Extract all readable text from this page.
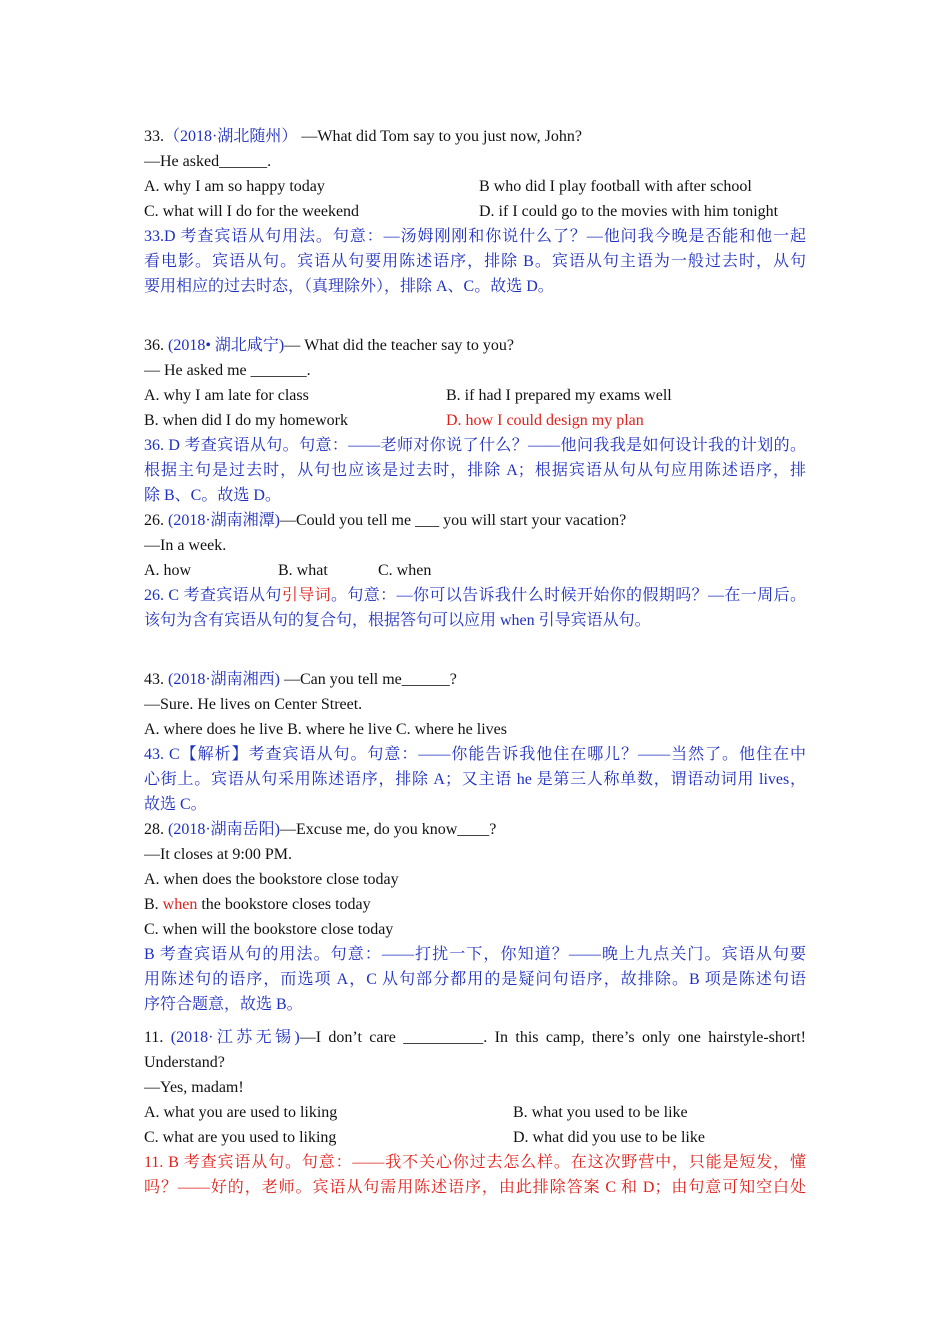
33.（2018·湖北随州） —What did Tom say to you just now, John?
—He asked______.
A. why I am so happy today	B who did I play football with after school
C. what will I do for the weekend	D. if I could go to the movies with him tonight
33.D 考查宾语从句用法。句意：—汤姆刚刚和你说什么了？—他问我今晚是否能和他一起
看电影。宾语从句。宾语从句要用陈述语序，排除 B。宾语从句主语为一般过去时，从句
要用相应的过去时态，（真理除外），排除 A、C。故选 D。
36. (2018• 湖北咸宁)— What did the teacher say to you?
— He asked me _______.
A. why I am late for class	B. if had I prepared my exams well
B. when did I do my homework	D. how I could design my plan
36. D 考查宾语从句。句意：——老师对你说了什么？——他问我我是如何设计我的计划的。
根据主句是过去时，从句也应该是过去时，排除 A；根据宾语从句从句应用陈述语序，排
除 B、C。故选 D。
26. (2018·湖南湘潭)—Could you tell me ___ you will start your vacation?
—In a week.
A. how	B. what	C. when
26. C 考查宾语从句引导词。句意：—你可以告诉我什么时候开始你的假期吗？—在一周后。
该句为含有宾语从句的复合句，根据答句可以应用 when 引导宾语从句。
43. (2018·湖南湘西) —Can you tell me______?
—Sure. He lives on Center Street.
A. where does he live B. where he live C. where he lives
43. C【解析】考查宾语从句。句意：——你能告诉我他住在哪儿？——当然了。他住在中
心街上。宾语从句采用陈述语序，排除 A；又主语 he 是第三人称单数，谓语动词用 lives，
故选 C。
28. (2018·湖南岳阳)—Excuse me, do you know____?
—It closes at 9:00 PM.
A. when does the bookstore close today
B. when the bookstore closes today
C. when will the bookstore close today
B 考查宾语从句的用法。句意：——打扰一下，你知道？——晚上九点关门。宾语从句要
用陈述句的语序，而选项 A，C 从句部分都用的是疑问句语序，故排除。B 项是陈述句语
序符合题意，故选 B。
11. (2018·江苏无锡)—I don’t care __________. In this camp, there’s only one hairstyle-short!
Understand?
—Yes, madam!
A. what you are used to liking	B. what you used to be like
C. what are you used to liking	D. what did you use to be like
11. B 考查宾语从句。句意：——我不关心你过去怎么样。在这次野营中，只能是短发，懂
吗？——好的，老师。宾语从句需用陈述语序，由此排除答案 C 和 D；由句意可知空白处
